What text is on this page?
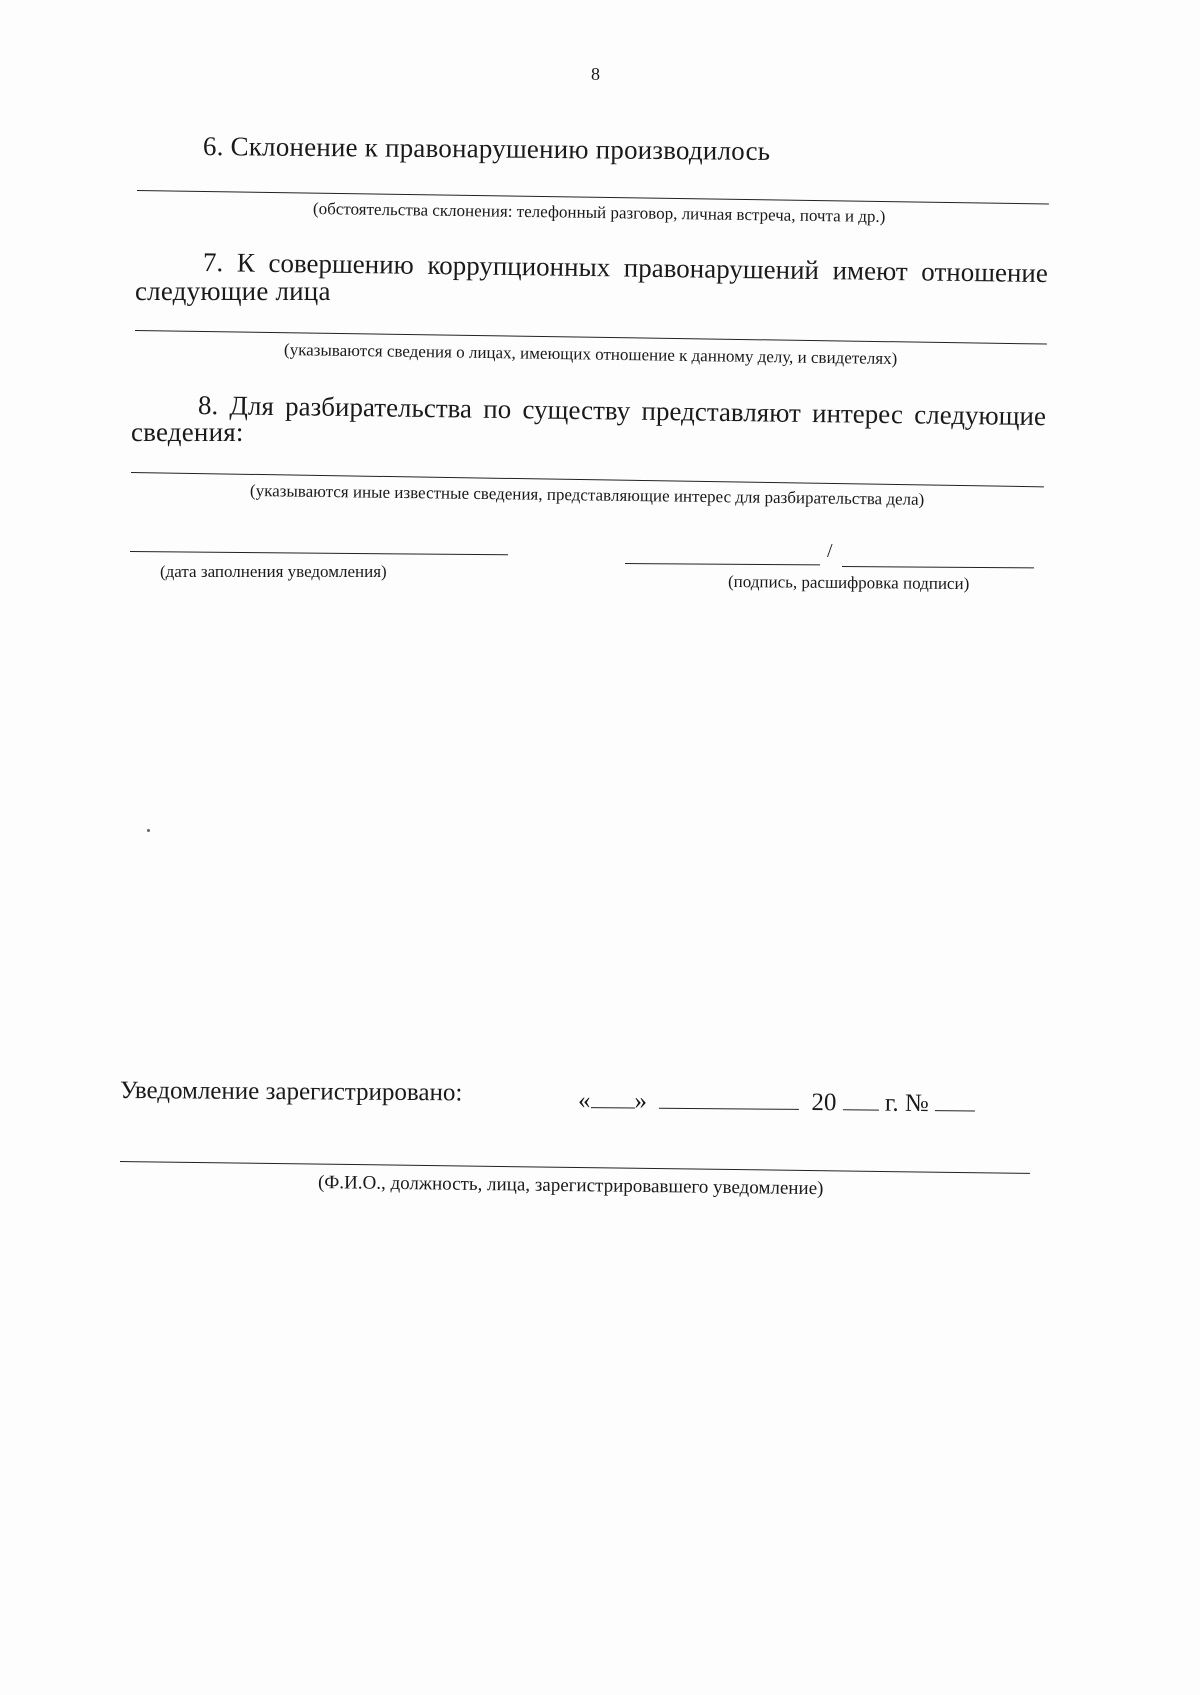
8
6. Склонение к правонарушению производилось
(обстоятельства склонения: телефонный разговор, личная встреча, почта и др.)
7. К совершению коррупционных правонарушений имеют отношение
следующие лица
(указываются сведения о лицах, имеющих отношение к данному делу, и свидетелях)
8. Для разбирательства по существу представляют интерес следующие
сведения:
(указываются иные известные сведения, представляющие интерес для разбирательства дела)
(дата заполнения уведомления)
/
(подпись, расшифровка подписи)
Уведомление зарегистрировано:	« »	20 г. №
(Ф.И.О., должность, лица, зарегистрировавшего уведомление)
